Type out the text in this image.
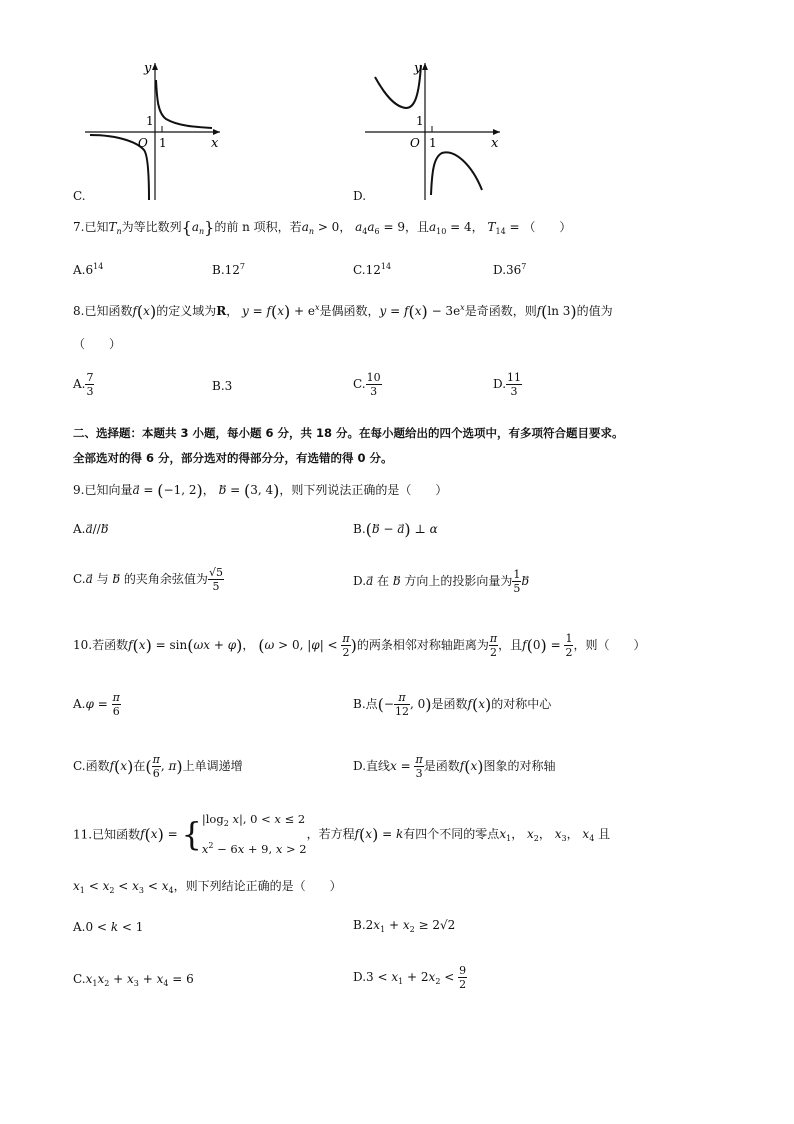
x
y
1
1
O
C.
x
y
1
1
O
D.
7.已知$T_n$为等比数列$\{a_n\}$的前 n 项积，若$a_n > 0$， $a_4a_6 = 9$，且$a_{10} = 4$， $T_{14}$ = （　　）
$A.6^{14}$	$B.12^7$	$C.12^{14}$	$D.36^7$
8.已知函数f(x)的定义域为R， $y = f(x) + e^x$是偶函数，$y = f(x) - 3e^x$是奇函数，则f(ln 3)的值为
（　　）
A. $\frac{7}{3}$	B.3	C. $\frac{10}{3}$	D. $\frac{11}{3}$
二、选择题：本题共 3 小题，每小题 6 分，共 18 分。在每小题给出的四个选项中，有多项符合题目要求。
全部选对的得 6 分，部分选对的得部分分，有选错的得 0 分。
9.已知向量a⃗ = (−1, 2)， b⃗ = (3, 4)，则下列说法正确的是（　　）
A.a⃗//b	B.(b⃗ − a) ⊥ α
C.a⃗ 与 b⃗ 的夹角余弦值为 $\frac{√5}{5}$	D.a⃗ 在 b⃗ 方向上的投影向量为 $\frac{1}{5}$ b
10.若函数f(x) = sin(ωx + φ)， (ω > 0, $|\varphi| < \frac{\pi}{2}$ )的两条相邻对称轴距离为 $\frac{\pi}{2}$ ，且$f(0) = \frac{1}{2}$ ，则（　　）
$A.\varphi = \frac{\pi}{6}$	B.点(− $\frac{\pi}{12}$ , 0)是函数f(x)的对称中心
C.函数f(x)在( $\frac{\pi}{6}$ , π)上单调递增	D.直线$x = \frac{\pi}{3}$ 是函数f(x)图象的对称轴
11.已知函数f(x) = { $|\log_2$ x|, 0 < x ≤ 2
$x^2 - 6x + 9$, x > 2
，若方程f(x) = k有四个不同的零点$x_1$， $x_2$， $x_3$， $x_4$ 且
$x_1 < x_2 < x_3 < x_4$，则下列结论正确的是（　　）
A.0 < k < 1	$B.2x_1 + x_2 \ge 2√2$
$C.x_1x_2 + x_3 + x_4 = 6$	$D.3 < x_1 + 2x_2 < \frac{9}{2}$
